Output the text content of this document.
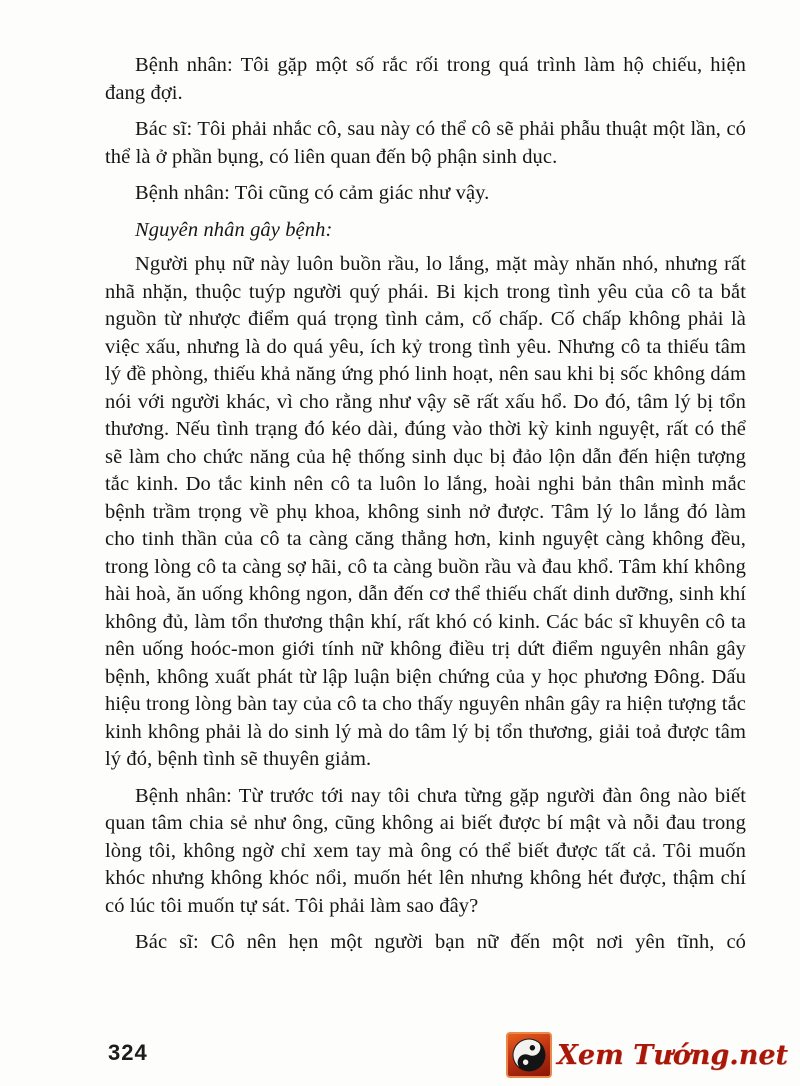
Bệnh nhân: Tôi gặp một số rắc rối trong quá trình làm hộ chiếu, hiện đang đợi.

Bác sĩ: Tôi phải nhắc cô, sau này có thể cô sẽ phải phẫu thuật một lần, có thể là ở phần bụng, có liên quan đến bộ phận sinh dục.

Bệnh nhân: Tôi cũng có cảm giác như vậy.

Nguyên nhân gây bệnh:

Người phụ nữ này luôn buồn rầu, lo lắng, mặt mày nhăn nhó, nhưng rất nhã nhặn, thuộc tuýp người quý phái. Bi kịch trong tình yêu của cô ta bắt nguồn từ nhược điểm quá trọng tình cảm, cố chấp. Cố chấp không phải là việc xấu, nhưng là do quá yêu, ích kỷ trong tình yêu. Nhưng cô ta thiếu tâm lý đề phòng, thiếu khả năng ứng phó linh hoạt, nên sau khi bị sốc không dám nói với người khác, vì cho rằng như vậy sẽ rất xấu hổ. Do đó, tâm lý bị tổn thương. Nếu tình trạng đó kéo dài, đúng vào thời kỳ kinh nguyệt, rất có thể sẽ làm cho chức năng của hệ thống sinh dục bị đảo lộn dẫn đến hiện tượng tắc kinh. Do tắc kinh nên cô ta luôn lo lắng, hoài nghi bản thân mình mắc bệnh trầm trọng về phụ khoa, không sinh nở được. Tâm lý lo lắng đó làm cho tinh thần của cô ta càng căng thẳng hơn, kinh nguyệt càng không đều, trong lòng cô ta càng sợ hãi, cô ta càng buồn rầu và đau khổ. Tâm khí không hài hoà, ăn uống không ngon, dẫn đến cơ thể thiếu chất dinh dưỡng, sinh khí không đủ, làm tổn thương thận khí, rất khó có kinh. Các bác sĩ khuyên cô ta nên uống hoóc-mon giới tính nữ không điều trị dứt điểm nguyên nhân gây bệnh, không xuất phát từ lập luận biện chứng của y học phương Đông. Dấu hiệu trong lòng bàn tay của cô ta cho thấy nguyên nhân gây ra hiện tượng tắc kinh không phải là do sinh lý mà do tâm lý bị tổn thương, giải toả được tâm lý đó, bệnh tình sẽ thuyên giảm.

Bệnh nhân: Từ trước tới nay tôi chưa từng gặp người đàn ông nào biết quan tâm chia sẻ như ông, cũng không ai biết được bí mật và nỗi đau trong lòng tôi, không ngờ chỉ xem tay mà ông có thể biết được tất cả. Tôi muốn khóc nhưng không khóc nổi, muốn hét lên nhưng không hét được, thậm chí có lúc tôi muốn tự sát. Tôi phải làm sao đây?

Bác sĩ: Cô nên hẹn một người bạn nữ đến một nơi yên tĩnh, có

324	Xem Tướng.net
